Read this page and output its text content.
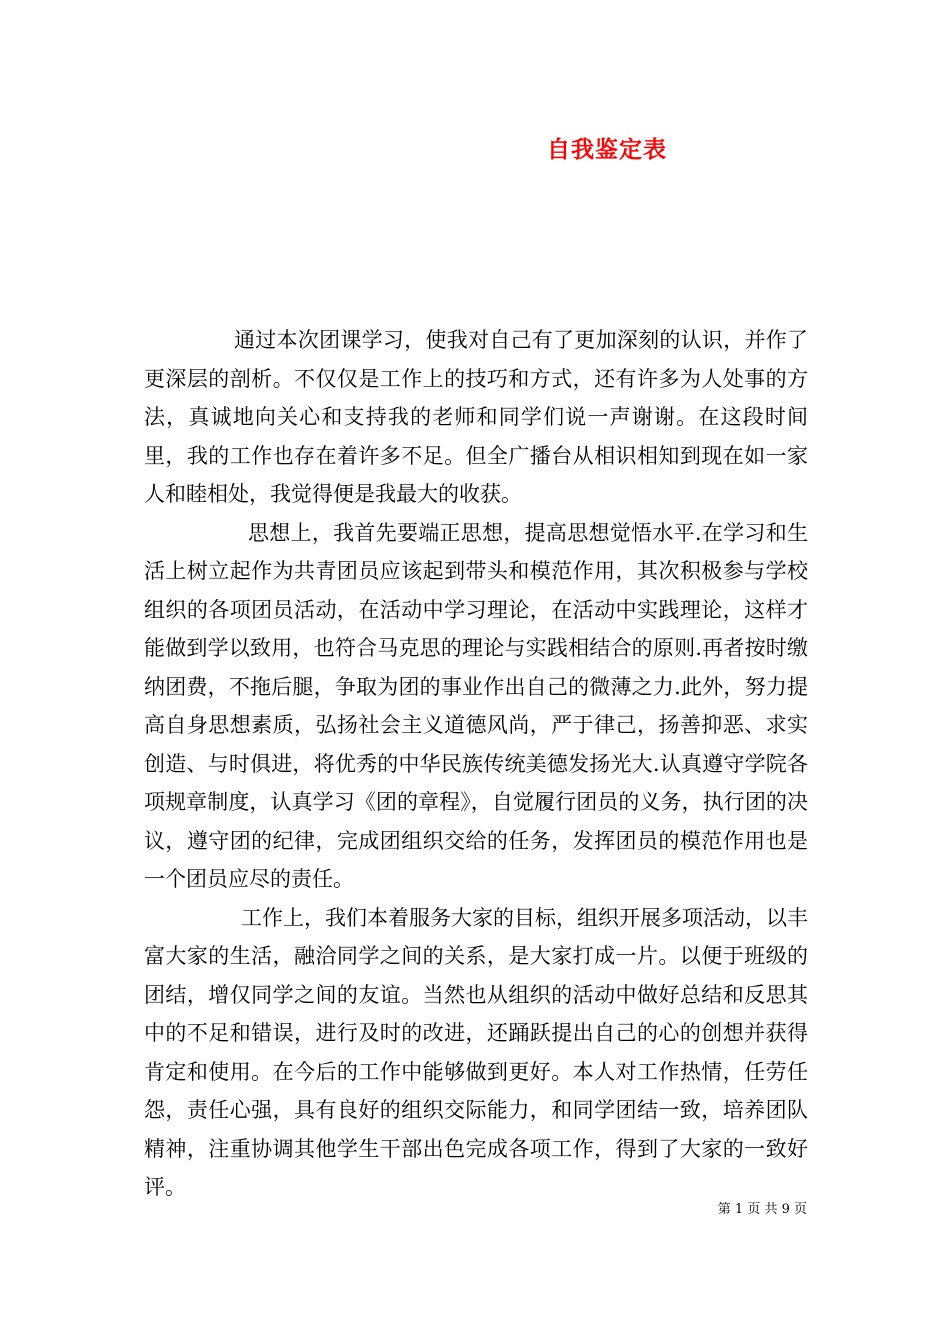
自我鉴定表

通过本次团课学习，使我对自己有了更加深刻的认识，并作了更深层的剖析。不仅仅是工作上的技巧和方式，还有许多为人处事的方法，真诚地向关心和支持我的老师和同学们说一声谢谢。在这段时间里，我的工作也存在着许多不足。但全广播台从相识相知到现在如一家人和睦相处，我觉得便是我最大的收获。

思想上，我首先要端正思想，提高思想觉悟水平.在学习和生活上树立起作为共青团员应该起到带头和模范作用，其次积极参与学校组织的各项团员活动，在活动中学习理论，在活动中实践理论，这样才能做到学以致用，也符合马克思的理论与实践相结合的原则.再者按时缴纳团费，不拖后腿，争取为团的事业作出自己的微薄之力.此外，努力提高自身思想素质，弘扬社会主义道德风尚，严于律己，扬善抑恶、求实创造、与时俱进，将优秀的中华民族传统美德发扬光大.认真遵守学院各项规章制度，认真学习《团的章程》，自觉履行团员的义务，执行团的决议，遵守团的纪律，完成团组织交给的任务，发挥团员的模范作用也是一个团员应尽的责任。

工作上，我们本着服务大家的目标，组织开展多项活动，以丰富大家的生活，融洽同学之间的关系，是大家打成一片。以便于班级的团结，增仅同学之间的友谊。当然也从组织的活动中做好总结和反思其中的不足和错误，进行及时的改进，还踊跃提出自己的心的创想并获得肯定和使用。在今后的工作中能够做到更好。本人对工作热情，任劳任怨，责任心强，具有良好的组织交际能力，和同学团结一致，培养团队精神，注重协调其他学生干部出色完成各项工作，得到了大家的一致好评。

第 1 页 共 9 页
